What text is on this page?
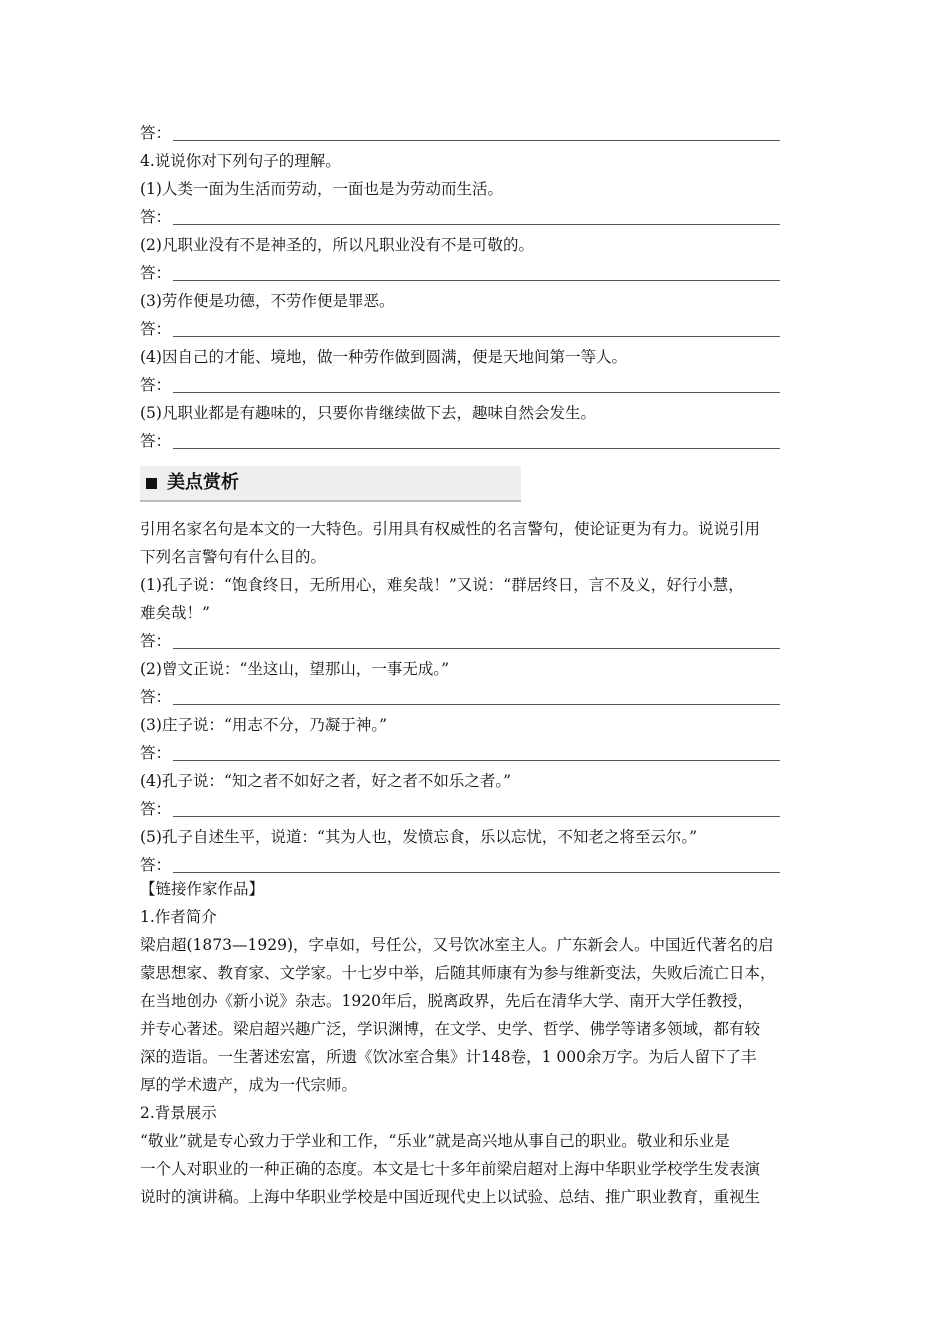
答：
4.说说你对下列句子的理解。
(1)人类一面为生活而劳动，一面也是为劳动而生活。
答：
(2)凡职业没有不是神圣的，所以凡职业没有不是可敬的。
答：
(3)劳作便是功德，不劳作便是罪恶。
答：
(4)因自己的才能、境地，做一种劳作做到圆满，便是天地间第一等人。
答：
(5)凡职业都是有趣味的，只要你肯继续做下去，趣味自然会发生。
答：
美点赏析
引用名家名句是本文的一大特色。引用具有权威性的名言警句，使论证更为有力。说说引用
下列名言警句有什么目的。
(1)孔子说：“饱食终日，无所用心，难矣哉！”又说：“群居终日，言不及义，好行小慧，
难矣哉！”
答：
(2)曾文正说：“坐这山，望那山，一事无成。”
答：
(3)庄子说：“用志不分，乃凝于神。”
答：
(4)孔子说：“知之者不如好之者，好之者不如乐之者。”
答：
(5)孔子自述生平，说道：“其为人也，发愤忘食，乐以忘忧，不知老之将至云尔。”
答：
【链接作家作品】
1.作者简介
梁启超(1873—1929)，字卓如，号任公，又号饮冰室主人。广东新会人。中国近代著名的启
蒙思想家、教育家、文学家。十七岁中举，后随其师康有为参与维新变法，失败后流亡日本，
在当地创办《新小说》杂志。1920年后，脱离政界，先后在清华大学、南开大学任教授，
并专心著述。梁启超兴趣广泛，学识渊博，在文学、史学、哲学、佛学等诸多领域，都有较
深的造诣。一生著述宏富，所遗《饮冰室合集》计148卷，1 000余万字。为后人留下了丰
厚的学术遗产，成为一代宗师。
2.背景展示
“敬业”就是专心致力于学业和工作，“乐业”就是高兴地从事自己的职业。敬业和乐业是
一个人对职业的一种正确的态度。本文是七十多年前梁启超对上海中华职业学校学生发表演
说时的演讲稿。上海中华职业学校是中国近现代史上以试验、总结、推广职业教育，重视生
